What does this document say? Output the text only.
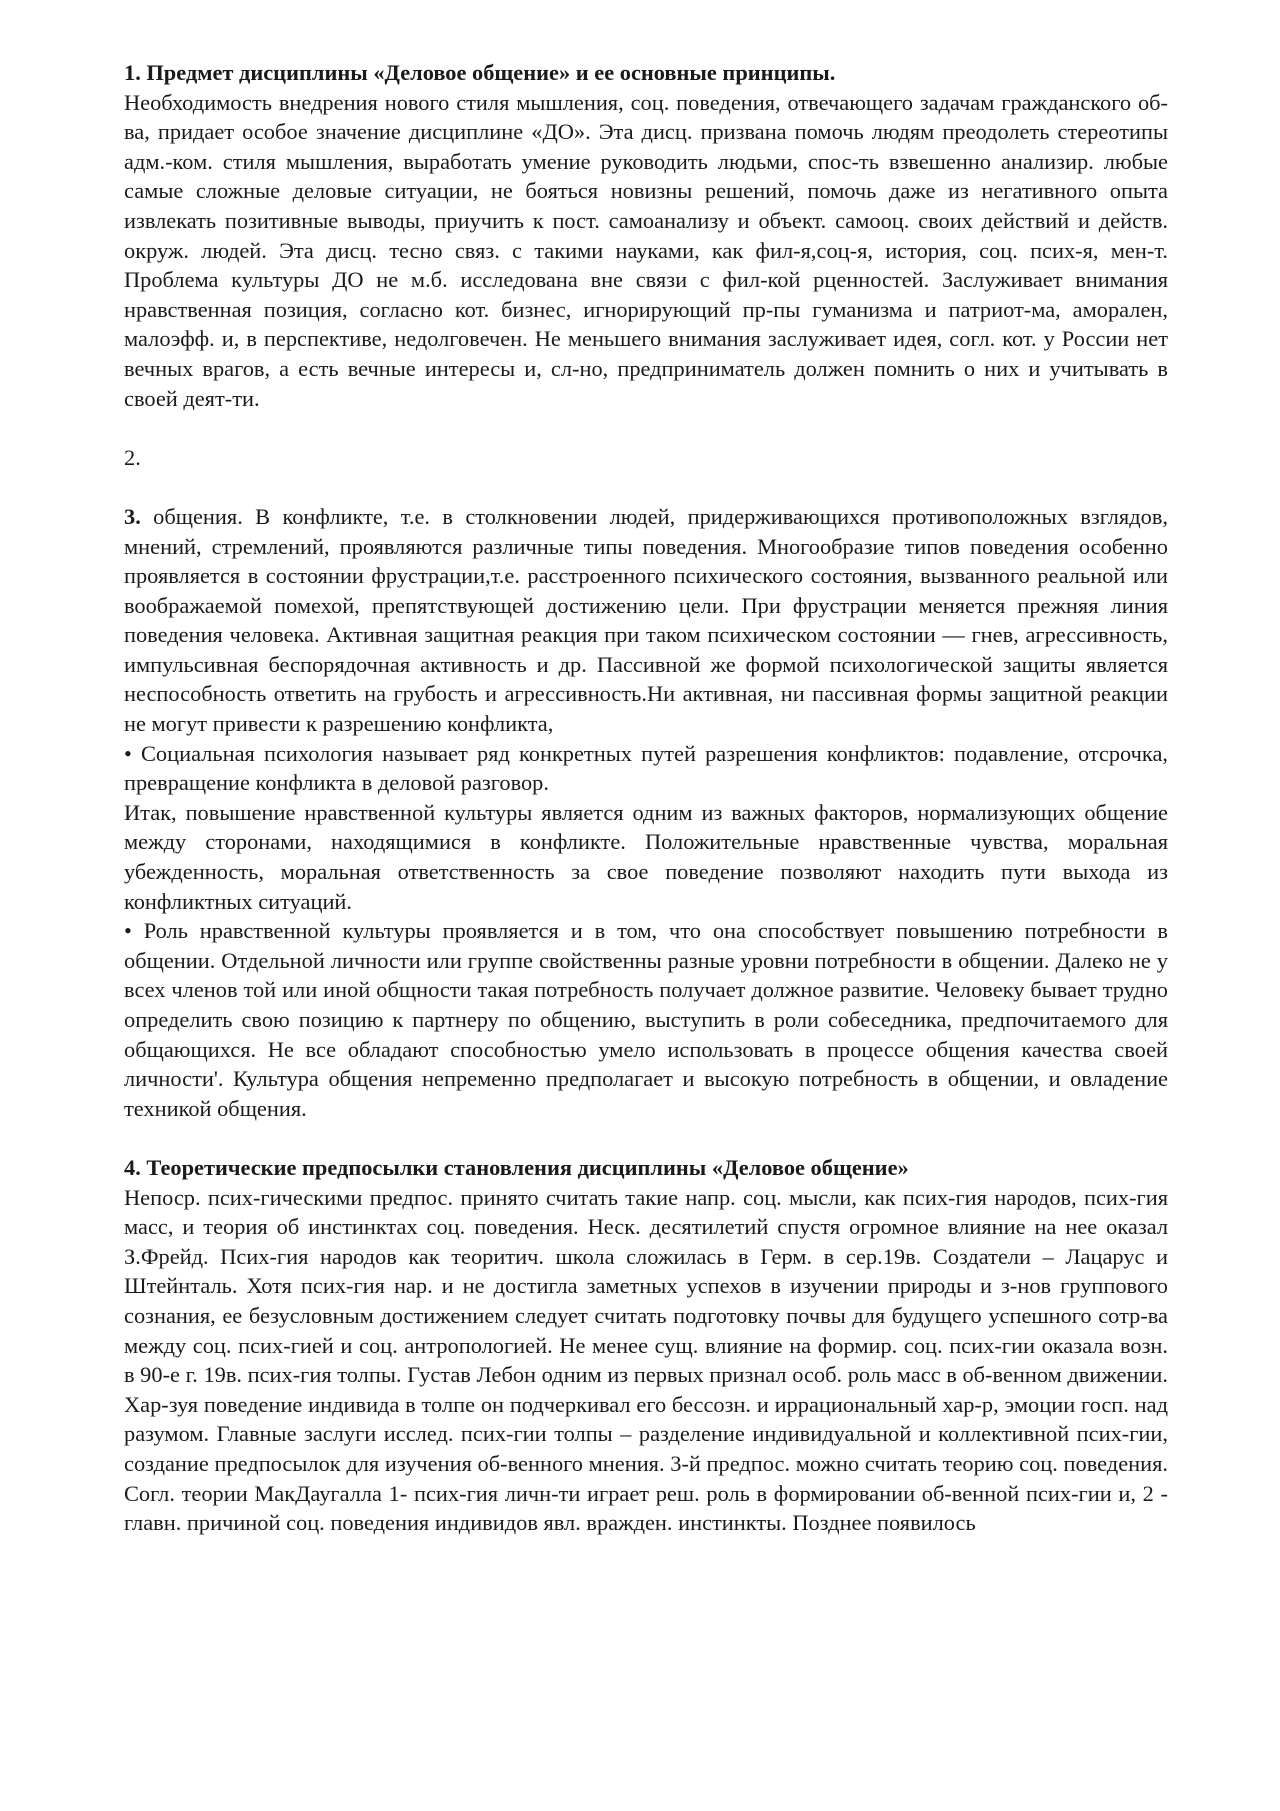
1. Предмет дисциплины «Деловое общение» и ее основные принципы.

Необходимость внедрения нового стиля мышления, соц. поведения, отвечающего задачам гражданского об-ва, придает особое значение дисциплине «ДО». Эта дисц. призвана помочь людям преодолеть стереотипы адм.-ком. стиля мышления, выработать умение руководить людьми, спос-ть взвешенно анализир. любые самые сложные деловые ситуации, не бояться новизны решений, помочь даже из негативного опыта извлекать позитивные выводы, приучить к пост. самоанализу и объект. самооц. своих действий и действ. окруж. людей. Эта дисц. тесно связ. с такими науками, как фил-я,соц-я, история, соц. псих-я, мен-т. Проблема культуры ДО не м.б. исследована вне связи с фил-кой рценностей. Заслуживает внимания нравственная позиция, согласно кот. бизнес, игнорирующий пр-пы гуманизма и патриот-ма, аморален, малоэфф. и, в перспективе, недолговечен. Не меньшего внимания заслуживает идея, согл. кот. у России нет вечных врагов, а есть вечные интересы и, сл-но, предприниматель должен помнить о них и учитывать в своей деят-ти.

2.

3. общения. В конфликте, т.е. в столкновении людей, придерживающихся противоположных взглядов, мнений, стремлений, проявляются различные типы поведения. Многообразие типов поведения особенно проявляется в состоянии фрустрации,т.е. расстроенного психического состояния, вызванного реальной или воображаемой помехой, препятствующей достижению цели. При фрустрации меняется прежняя линия поведения человека. Активная защитная реакция при таком психическом состоянии — гнев, агрессивность, импульсивная беспорядочная активность и др. Пассивной же формой психологической защиты является неспособность ответить на грубость и агрессивность.Ни активная, ни пассивная формы защитной реакции не могут привести к разрешению конфликта,

• Социальная психология называет ряд конкретных путей разрешения конфликтов: подавление, отсрочка, превращение конфликта в деловой разговор.

Итак, повышение нравственной культуры является одним из важных факторов, нормализующих общение между сторонами, находящимися в конфликте. Положительные нравственные чувства, моральная убежденность, моральная ответственность за свое поведение позволяют находить пути выхода из конфликтных ситуаций.

• Роль нравственной культуры проявляется и в том, что она способствует повышению потребности в общении. Отдельной личности или группе свойственны разные уровни потребности в общении. Далеко не у всех членов той или иной общности такая потребность получает должное развитие. Человеку бывает трудно определить свою позицию к партнеру по общению, выступить в роли собеседника, предпочитаемого для общающихся. Не все обладают способностью умело использовать в процессе общения качества своей личности'. Культура общения непременно предполагает и высокую потребность в общении, и овладение техникой общения.

4. Теоретические предпосылки становления дисциплины «Деловое общение»

Непоср. псих-гическими предпос. принято считать такие напр. соц. мысли, как псих-гия народов, псих-гия масс, и теория об инстинктах соц. поведения. Неск. десятилетий спустя огромное влияние на нее оказал З.Фрейд. Псих-гия народов как теоритич. школа сложилась в Герм. в сер.19в. Создатели – Лацарус и Штейнталь. Хотя псих-гия нар. и не достигла заметных успехов в изучении природы и з-нов группового сознания, ее безусловным достижением следует считать подготовку почвы для будущего успешного сотр-ва между соц. псих-гией и соц. антропологией. Не менее сущ. влияние на формир. соц. псих-гии оказала возн. в 90-е г. 19в. псих-гия толпы. Густав Лебон одним из первых признал особ. роль масс в об-венном движении. Хар-зуя поведение индивида в толпе он подчеркивал его бессозн. и иррациональный хар-р, эмоции госп. над разумом. Главные заслуги исслед. псих-гии толпы – разделение индивидуальной и коллективной псих-гии, создание предпосылок для изучения об-венного мнения. 3-й предпос. можно считать теорию соц. поведения. Согл. теории МакДаугалла 1- псих-гия личн-ти играет реш. роль в формировании об-венной псих-гии и, 2 - главн. причиной соц. поведения индивидов явл. вражден. инстинкты. Позднее появилось
